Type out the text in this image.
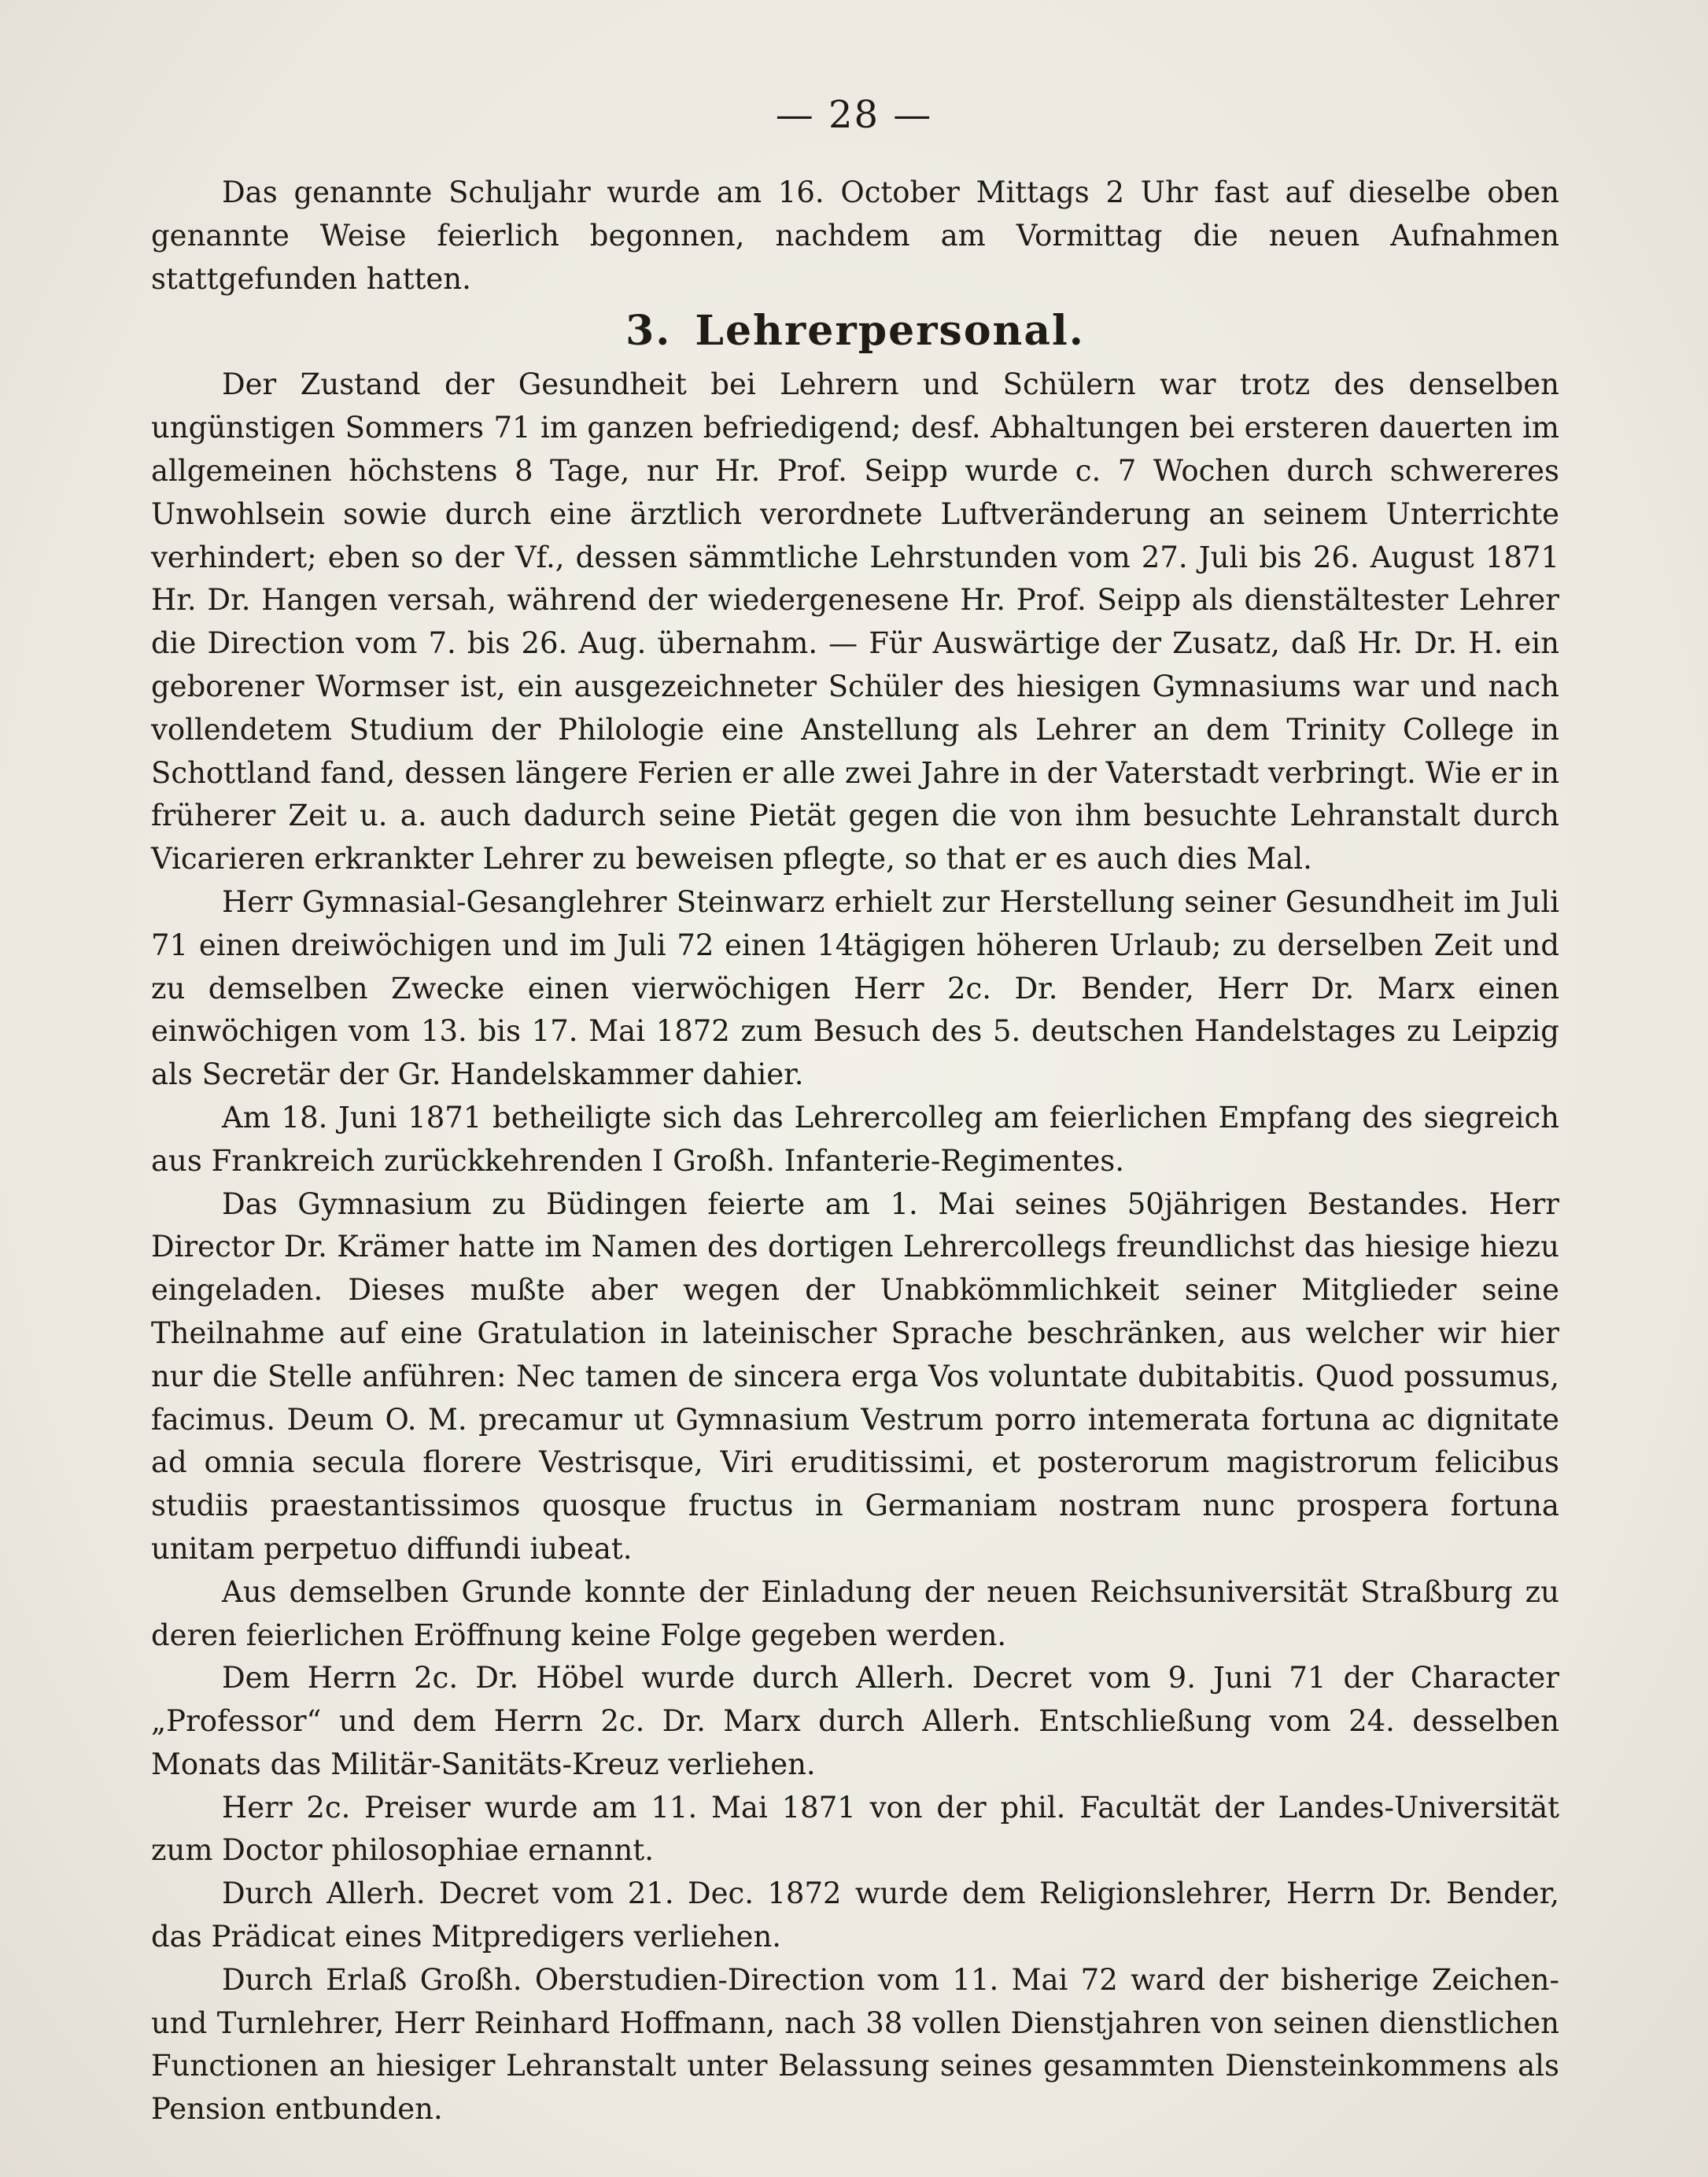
— 28 —

Das genannte Schuljahr wurde am 16. October Mittags 2 Uhr fast auf dieselbe oben genannte Weise feierlich begonnen, nachdem am Vormittag die neuen Aufnahmen stattgefunden hatten.

3. Lehrerpersonal.

Der Zustand der Gesundheit bei Lehrern und Schülern war trotz des denselben ungünstigen Sommers 71 im ganzen befriedigend; desf. Abhaltungen bei ersteren dauerten im allgemeinen höchstens 8 Tage, nur Hr. Prof. Seipp wurde c. 7 Wochen durch schwereres Unwohlsein sowie durch eine ärztlich verordnete Luftveränderung an seinem Unterrichte verhindert; eben so der Vf., dessen sämmtliche Lehrstunden vom 27. Juli bis 26. August 1871 Hr. Dr. Hangen versah, während der wiedergenesene Hr. Prof. Seipp als dienstältester Lehrer die Direction vom 7. bis 26. Aug. übernahm. — Für Auswärtige der Zusatz, daß Hr. Dr. H. ein geborener Wormser ist, ein ausgezeichneter Schüler des hiesigen Gymnasiums war und nach vollendetem Studium der Philologie eine Anstellung als Lehrer an dem Trinity College in Schottland fand, dessen längere Ferien er alle zwei Jahre in der Vaterstadt verbringt. Wie er in früherer Zeit u. a. auch dadurch seine Pietät gegen die von ihm besuchte Lehranstalt durch Vicarieren erkrankter Lehrer zu beweisen pflegte, so that er es auch dies Mal.

Herr Gymnasial-Gesanglehrer Steinwarz erhielt zur Herstellung seiner Gesundheit im Juli 71 einen dreiwöchigen und im Juli 72 einen 14tägigen höheren Urlaub; zu derselben Zeit und zu demselben Zwecke einen vierwöchigen Herr 2c. Dr. Bender, Herr Dr. Marx einen einwöchigen vom 13. bis 17. Mai 1872 zum Besuch des 5. deutschen Handelstages zu Leipzig als Secretär der Gr. Handelskammer dahier.

Am 18. Juni 1871 betheiligte sich das Lehrercolleg am feierlichen Empfang des siegreich aus Frankreich zurückkehrenden I Großh. Infanterie-Regimentes.

Das Gymnasium zu Büdingen feierte am 1. Mai seines 50jährigen Bestandes. Herr Director Dr. Krämer hatte im Namen des dortigen Lehrercollegs freundlichst das hiesige hiezu eingeladen. Dieses mußte aber wegen der Unabkömmlichkeit seiner Mitglieder seine Theilnahme auf eine Gratulation in lateinischer Sprache beschränken, aus welcher wir hier nur die Stelle anführen: Nec tamen de sincera erga Vos voluntate dubitabitis. Quod possumus, facimus. Deum O. M. precamur ut Gymnasium Vestrum porro intemerata fortuna ac dignitate ad omnia secula florere Vestrisque, Viri eruditissimi, et posterorum magistrorum felicibus studiis praestantissimos quosque fructus in Germaniam nostram nunc prospera fortuna unitam perpetuo diffundi iubeat.

Aus demselben Grunde konnte der Einladung der neuen Reichsuniversität Straßburg zu deren feierlichen Eröffnung keine Folge gegeben werden.

Dem Herrn 2c. Dr. Höbel wurde durch Allerh. Decret vom 9. Juni 71 der Character „Professor“ und dem Herrn 2c. Dr. Marx durch Allerh. Entschließung vom 24. desselben Monats das Militär-Sanitäts-Kreuz verliehen.

Herr 2c. Preiser wurde am 11. Mai 1871 von der phil. Facultät der Landes-Universität zum Doctor philosophiae ernannt.

Durch Allerh. Decret vom 21. Dec. 1872 wurde dem Religionslehrer, Herrn Dr. Bender, das Prädicat eines Mitpredigers verliehen.

Durch Erlaß Großh. Oberstudien-Direction vom 11. Mai 72 ward der bisherige Zeichen- und Turnlehrer, Herr Reinhard Hoffmann, nach 38 vollen Dienstjahren von seinen dienstlichen Functionen an hiesiger Lehranstalt unter Belassung seines gesammten Diensteinkommens als Pension entbunden.
